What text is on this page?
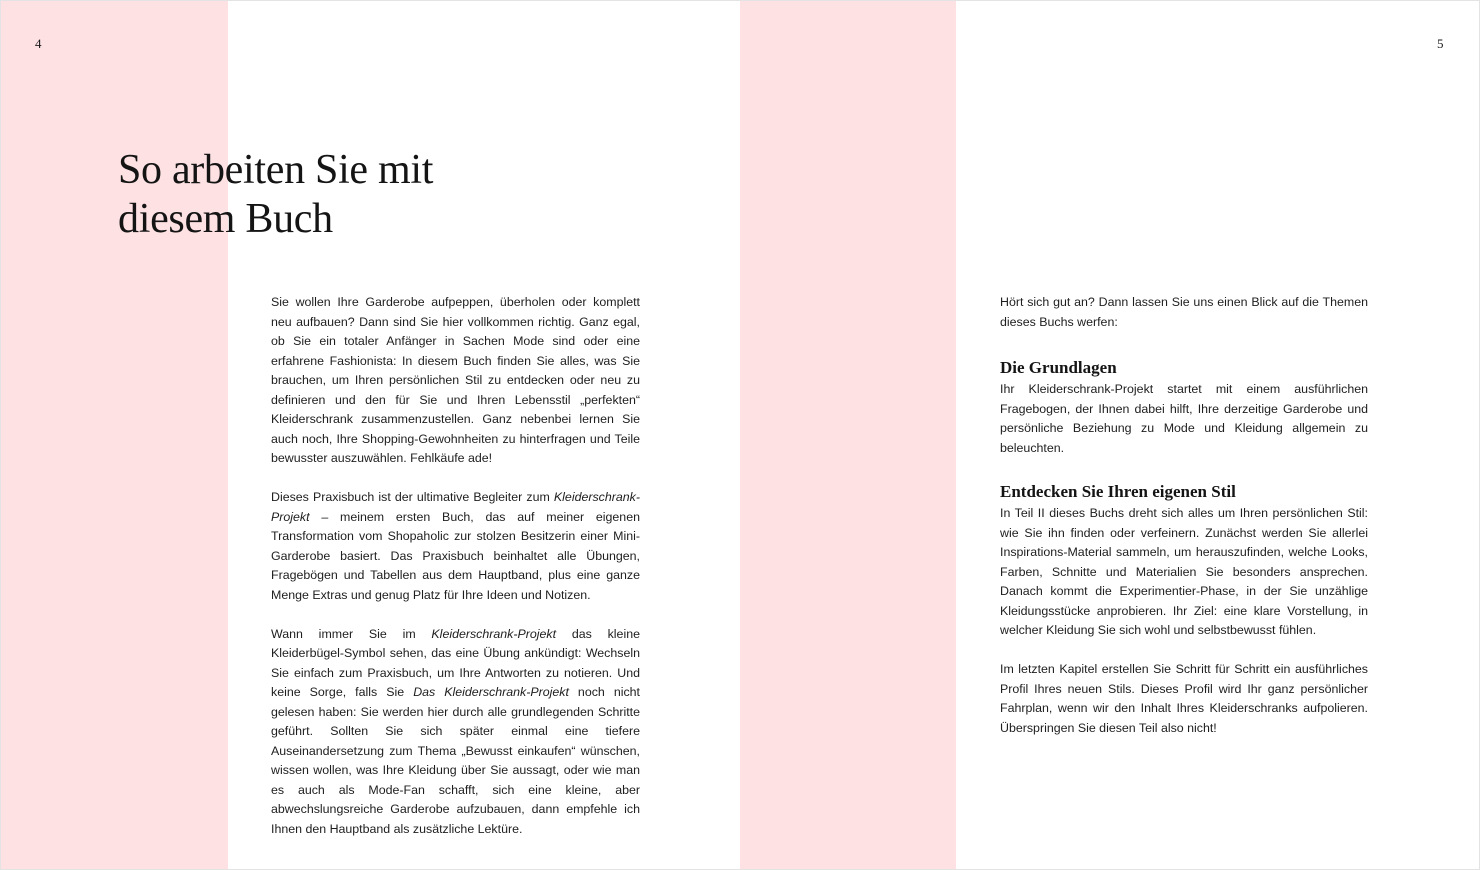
4	5
So arbeiten Sie mit
diesem Buch

Sie wollen Ihre Garderobe aufpeppen, überholen oder komplett neu aufbauen? Dann sind Sie hier vollkommen richtig. Ganz egal, ob Sie ein totaler Anfänger in Sachen Mode sind oder eine erfahrene Fashionista: In diesem Buch finden Sie alles, was Sie brauchen, um Ihren persönlichen Stil zu entdecken oder neu zu definieren und den für Sie und Ihren Lebensstil „perfekten“ Kleiderschrank zusammenzustellen. Ganz nebenbei lernen Sie auch noch, Ihre Shopping-Gewohnheiten zu hinterfragen und Teile bewusster auszuwählen. Fehlkäufe ade!

Dieses Praxisbuch ist der ultimative Begleiter zum Kleiderschrank-Projekt – meinem ersten Buch, das auf meiner eigenen Transformation vom Shopaholic zur stolzen Besitzerin einer Mini-Garderobe basiert. Das Praxisbuch beinhaltet alle Übungen, Fragebögen und Tabellen aus dem Hauptband, plus eine ganze Menge Extras und genug Platz für Ihre Ideen und Notizen.

Wann immer Sie im Kleiderschrank-Projekt das kleine Kleiderbügel-Symbol sehen, das eine Übung ankündigt: Wechseln Sie einfach zum Praxisbuch, um Ihre Antworten zu notieren. Und keine Sorge, falls Sie Das Kleiderschrank-Projekt noch nicht gelesen haben: Sie werden hier durch alle grundlegenden Schritte geführt. Sollten Sie sich später einmal eine tiefere Auseinandersetzung zum Thema „Bewusst einkaufen“ wünschen, wissen wollen, was Ihre Kleidung über Sie aussagt, oder wie man es auch als Mode-Fan schafft, sich eine kleine, aber abwechslungsreiche Garderobe aufzubauen, dann empfehle ich Ihnen den Hauptband als zusätzliche Lektüre.

Hört sich gut an? Dann lassen Sie uns einen Blick auf die Themen dieses Buchs werfen:

Die Grundlagen

Ihr Kleiderschrank-Projekt startet mit einem ausführlichen Fragebogen, der Ihnen dabei hilft, Ihre derzeitige Garderobe und persönliche Beziehung zu Mode und Kleidung allgemein zu beleuchten.

Entdecken Sie Ihren eigenen Stil

In Teil II dieses Buchs dreht sich alles um Ihren persönlichen Stil: wie Sie ihn finden oder verfeinern. Zunächst werden Sie allerlei Inspirations-Material sammeln, um herauszufinden, welche Looks, Farben, Schnitte und Materialien Sie besonders ansprechen. Danach kommt die Experimentier-Phase, in der Sie unzählige Kleidungsstücke anprobieren. Ihr Ziel: eine klare Vorstellung, in welcher Kleidung Sie sich wohl und selbstbewusst fühlen.

Im letzten Kapitel erstellen Sie Schritt für Schritt ein ausführliches Profil Ihres neuen Stils. Dieses Profil wird Ihr ganz persönlicher Fahrplan, wenn wir den Inhalt Ihres Kleiderschranks aufpolieren. Überspringen Sie diesen Teil also nicht!
